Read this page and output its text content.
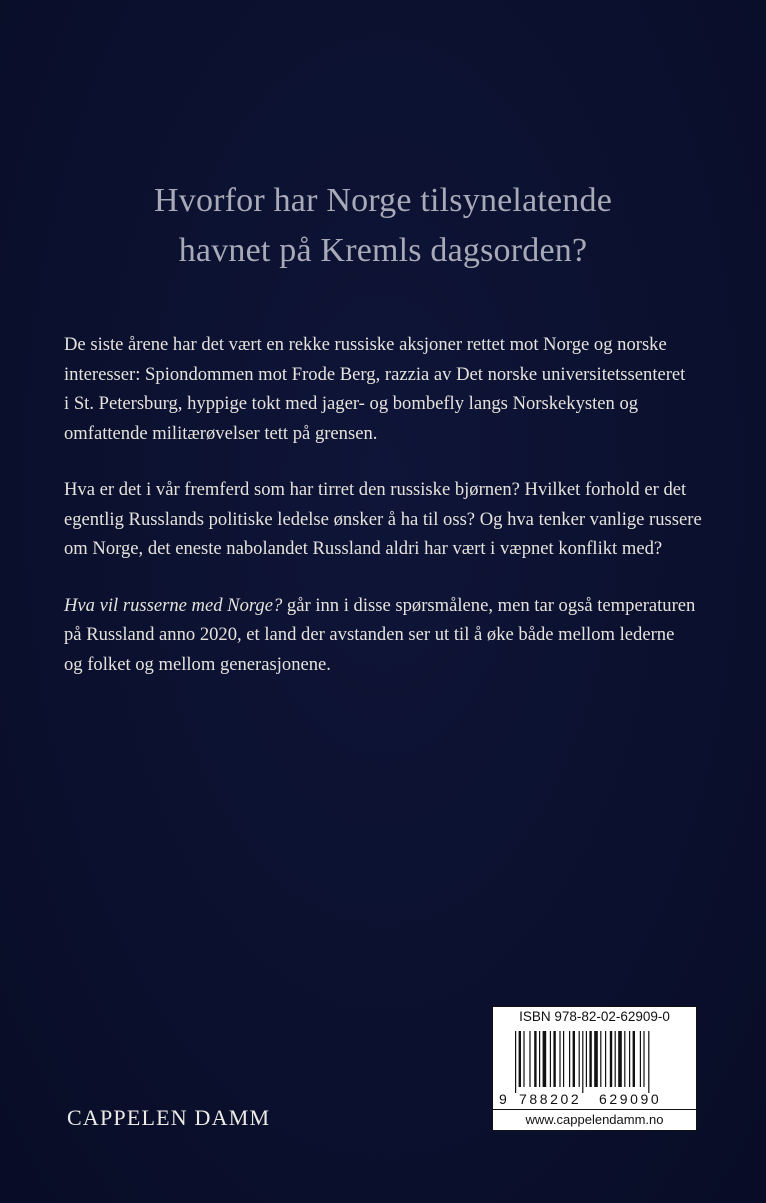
Hvorfor har Norge tilsynelatende
havnet på Kremls dagsorden?

De siste årene har det vært en rekke russiske aksjoner rettet mot Norge og norske
interesser: Spiondommen mot Frode Berg, razzia av Det norske universitetssenteret
i St. Petersburg, hyppige tokt med jager- og bombefly langs Norskekysten og
omfattende militærøvelser tett på grensen.

Hva er det i vår fremferd som har tirret den russiske bjørnen? Hvilket forhold er det
egentlig Russlands politiske ledelse ønsker å ha til oss? Og hva tenker vanlige russere
om Norge, det eneste nabolandet Russland aldri har vært i væpnet konflikt med?

Hva vil russerne med Norge? går inn i disse spørsmålene, men tar også temperaturen
på Russland anno 2020, et land der avstanden ser ut til å øke både mellom lederne
og folket og mellom generasjonene.

CAPPELEN DAMM
ISBN 978-82-02-62909-0
9 788202 629090
www.cappelendamm.no
